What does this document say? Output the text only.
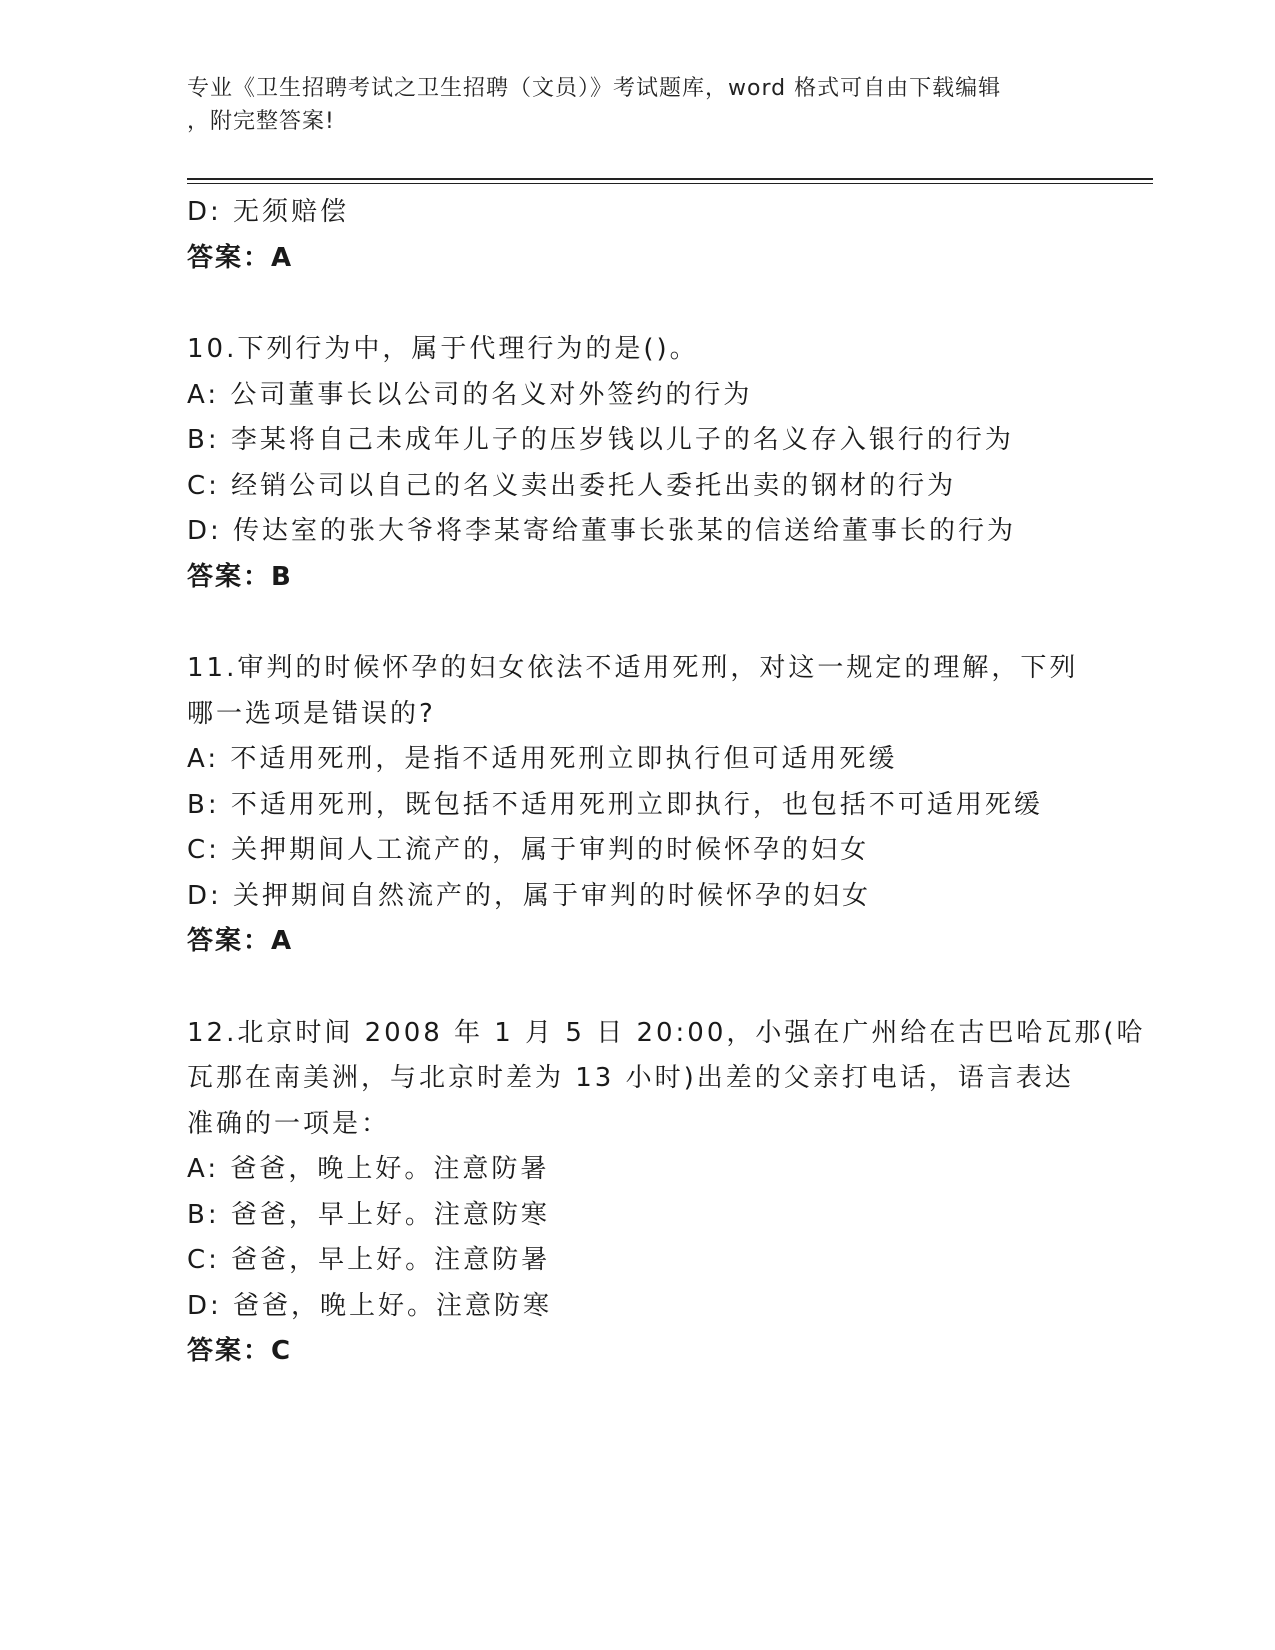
专业《卫生招聘考试之卫生招聘（文员）》考试题库，word 格式可自由下载编辑
，附完整答案!
D: 无须赔偿
答案：A
10.下列行为中，属于代理行为的是()。
A: 公司董事长以公司的名义对外签约的行为
B: 李某将自己未成年儿子的压岁钱以儿子的名义存入银行的行为
C: 经销公司以自己的名义卖出委托人委托出卖的钢材的行为
D: 传达室的张大爷将李某寄给董事长张某的信送给董事长的行为
答案：B
11.审判的时候怀孕的妇女依法不适用死刑，对这一规定的理解，下列
哪一选项是错误的?
A: 不适用死刑，是指不适用死刑立即执行但可适用死缓
B: 不适用死刑，既包括不适用死刑立即执行，也包括不可适用死缓
C: 关押期间人工流产的，属于审判的时候怀孕的妇女
D: 关押期间自然流产的，属于审判的时候怀孕的妇女
答案：A
12.北京时间 2008 年 1 月 5 日 20:00，小强在广州给在古巴哈瓦那(哈
瓦那在南美洲，与北京时差为 13 小时)出差的父亲打电话，语言表达
准确的一项是：
A: 爸爸，晚上好。注意防暑
B: 爸爸，早上好。注意防寒
C: 爸爸，早上好。注意防暑
D: 爸爸，晚上好。注意防寒
答案：C
